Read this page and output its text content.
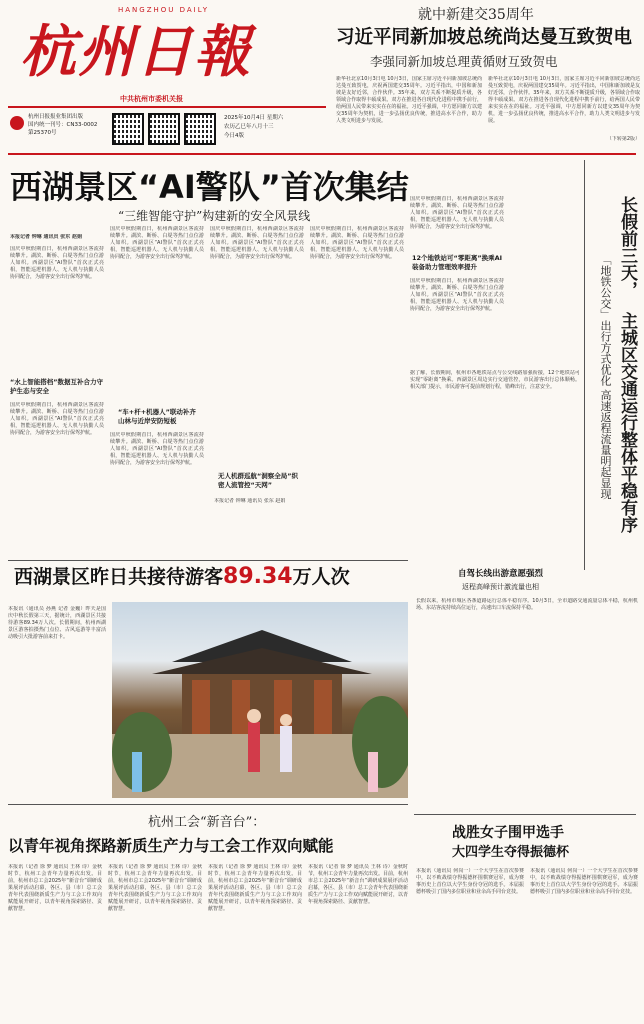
HANGZHOU DAILY
杭州日報
中共杭州市委机关报
杭州日报报业集团出版
国内统一刊号：CN33-0002
第25370号
2025年10月4日 星期六
农历乙巳年八月十三
今日4版
就中新建交35周年
习近平同新加坡总统尚达曼互致贺电
李强同新加坡总理黄循财互致贺电
新华社北京10月3日电 10月3日，国家主席习近平同新加坡总统尚达曼互致贺电，庆祝两国建交35周年。习近平指出，中国和新加坡是友好近邻，合作伙伴。35年来，双方关系不断提质升级，各领域合作取得丰硕成果。双方在推进各自现代化进程中携手前行，给两国人民带来实实在在的福祉。习近平强调，中方愿同新方以建交35周年为契机，进一步弘扬优良传统，推进高水平合作，助力人类文明进步与发展。
新华社北京10月3日电 10月3日，国家主席习近平同新加坡总统尚达曼互致贺电，庆祝两国建交35周年。习近平指出，中国和新加坡是友好近邻，合作伙伴。35年来，双方关系不断提质升级，各领域合作取得丰硕成果。双方在推进各自现代化进程中携手前行，给两国人民带来实实在在的福祉。习近平强调，中方愿同新方以建交35周年为契机，进一步弘扬优良传统，推进高水平合作，助力人类文明进步与发展。
（下转第2版）
西湖景区“AI警队”首次集结
“三维智能守护”构建新的安全风景线
本报记者 钟琳 通讯员 张东 赵娟
国庆中秋假期首日，杭州西湖景区客流持续攀升。湖滨、断桥、白堤等热门点位游人如织。西湖景区“AI警队”首次正式亮相，智能巡逻机器人、无人机与执勤人员协同配合，为游客安全出行保驾护航。
“水上智能搭档”数据互补合力守护生态与安全
国庆中秋假期首日，杭州西湖景区客流持续攀升。湖滨、断桥、白堤等热门点位游人如织。西湖景区“AI警队”首次正式亮相，智能巡逻机器人、无人机与执勤人员协同配合，为游客安全出行保驾护航。
国庆中秋假期首日，杭州西湖景区客流持续攀升。湖滨、断桥、白堤等热门点位游人如织。西湖景区“AI警队”首次正式亮相，智能巡逻机器人、无人机与执勤人员协同配合，为游客安全出行保驾护航。
“车+杆+机器人”联动补齐山林与近岸安防短板
国庆中秋假期首日，杭州西湖景区客流持续攀升。湖滨、断桥、白堤等热门点位游人如织。西湖景区“AI警队”首次正式亮相，智能巡逻机器人、无人机与执勤人员协同配合，为游客安全出行保驾护航。
国庆中秋假期首日，杭州西湖景区客流持续攀升。湖滨、断桥、白堤等热门点位游人如织。西湖景区“AI警队”首次正式亮相，智能巡逻机器人、无人机与执勤人员协同配合，为游客安全出行保驾护航。
无人机群巡航“洞察全局”织密人流管控“天网”
本报记者 钟琳 通讯员 张东 赵娟
国庆中秋假期首日，杭州西湖景区客流持续攀升。湖滨、断桥、白堤等热门点位游人如织。西湖景区“AI警队”首次正式亮相，智能巡逻机器人、无人机与执勤人员协同配合，为游客安全出行保驾护航。
国庆中秋假期首日，杭州西湖景区客流持续攀升。湖滨、断桥、白堤等热门点位游人如织。西湖景区“AI警队”首次正式亮相，智能巡逻机器人、无人机与执勤人员协同配合，为游客安全出行保驾护航。
12个地铁站可“零距离”换乘AI装备助力管理效率提升
国庆中秋假期首日，杭州西湖景区客流持续攀升。湖滨、断桥、白堤等热门点位游人如织。西湖景区“AI警队”首次正式亮相，智能巡逻机器人、无人机与执勤人员协同配合，为游客安全出行保驾护航。
长假前三天，
主城区交通运行整体平稳有序
「地铁公交」出行方式优化 高速返程流量明起显现
据了解，长假期间，杭州市各地铁站点与公交线路加强衔接，12个地铁站可实现“零距离”换乘。西湖景区周边实行交通管控，市民游客出行总体顺畅。相关部门提示，市民游客可提前规划行程，错峰出行，注意安全。
西湖景区昨日共接待游客89.34万人次
本报讯（通讯员 孙燕 记者 金巍）昨天是国庆中秋长假第三天，据统计，西湖景区共接待游客89.34万人次。长假期间，杭州西湖景区游客拍摄热门点位、古风巡游等丰富活动吸引大批游客前来打卡。
自驾长线出游意愿强烈
返程高峰预计激流量也相
长假以来，杭州市城区各条道路运行总体平稳有序。10月3日，全市道路交通流量总体平稳，杭州机场、东站客流持续高位运行，高速出口车流保持平稳。
战胜女子围甲选手
大四学生夺得振德杯
本报讯（通讯员 何岗一）一个大学生在首次参赛中，以不败战绩夺得振德杯围棋赛冠军，成为赛事历史上首位以大学生身份夺冠的选手。本届振德杯吸引了国内多位职业和业余高手同台竞技。
本报讯（通讯员 何岗一）一个大学生在首次参赛中，以不败战绩夺得振德杯围棋赛冠军，成为赛事历史上首位以大学生身份夺冠的选手。本届振德杯吸引了国内多位职业和业余高手同台竞技。
杭州工会“新音台”：
以青年视角探路新质生产力与工会工作双向赋能
本报讯（记者 徐 梦 通讯员 王林 诗）金秋时节，杭州工会青年力量再次出发。目前，杭州市总工会2025年“新音台”调研成果展评活动启幕，各区、县（市）总工会青年代表围绕新质生产力与工会工作双向赋能展开研讨，以青年视角探索路径、贡献智慧。
本报讯（记者 徐 梦 通讯员 王林 诗）金秋时节，杭州工会青年力量再次出发。目前，杭州市总工会2025年“新音台”调研成果展评活动启幕，各区、县（市）总工会青年代表围绕新质生产力与工会工作双向赋能展开研讨，以青年视角探索路径、贡献智慧。
本报讯（记者 徐 梦 通讯员 王林 诗）金秋时节，杭州工会青年力量再次出发。目前，杭州市总工会2025年“新音台”调研成果展评活动启幕，各区、县（市）总工会青年代表围绕新质生产力与工会工作双向赋能展开研讨，以青年视角探索路径、贡献智慧。
本报讯（记者 徐 梦 通讯员 王林 诗）金秋时节，杭州工会青年力量再次出发。目前，杭州市总工会2025年“新音台”调研成果展评活动启幕，各区、县（市）总工会青年代表围绕新质生产力与工会工作双向赋能展开研讨，以青年视角探索路径、贡献智慧。
